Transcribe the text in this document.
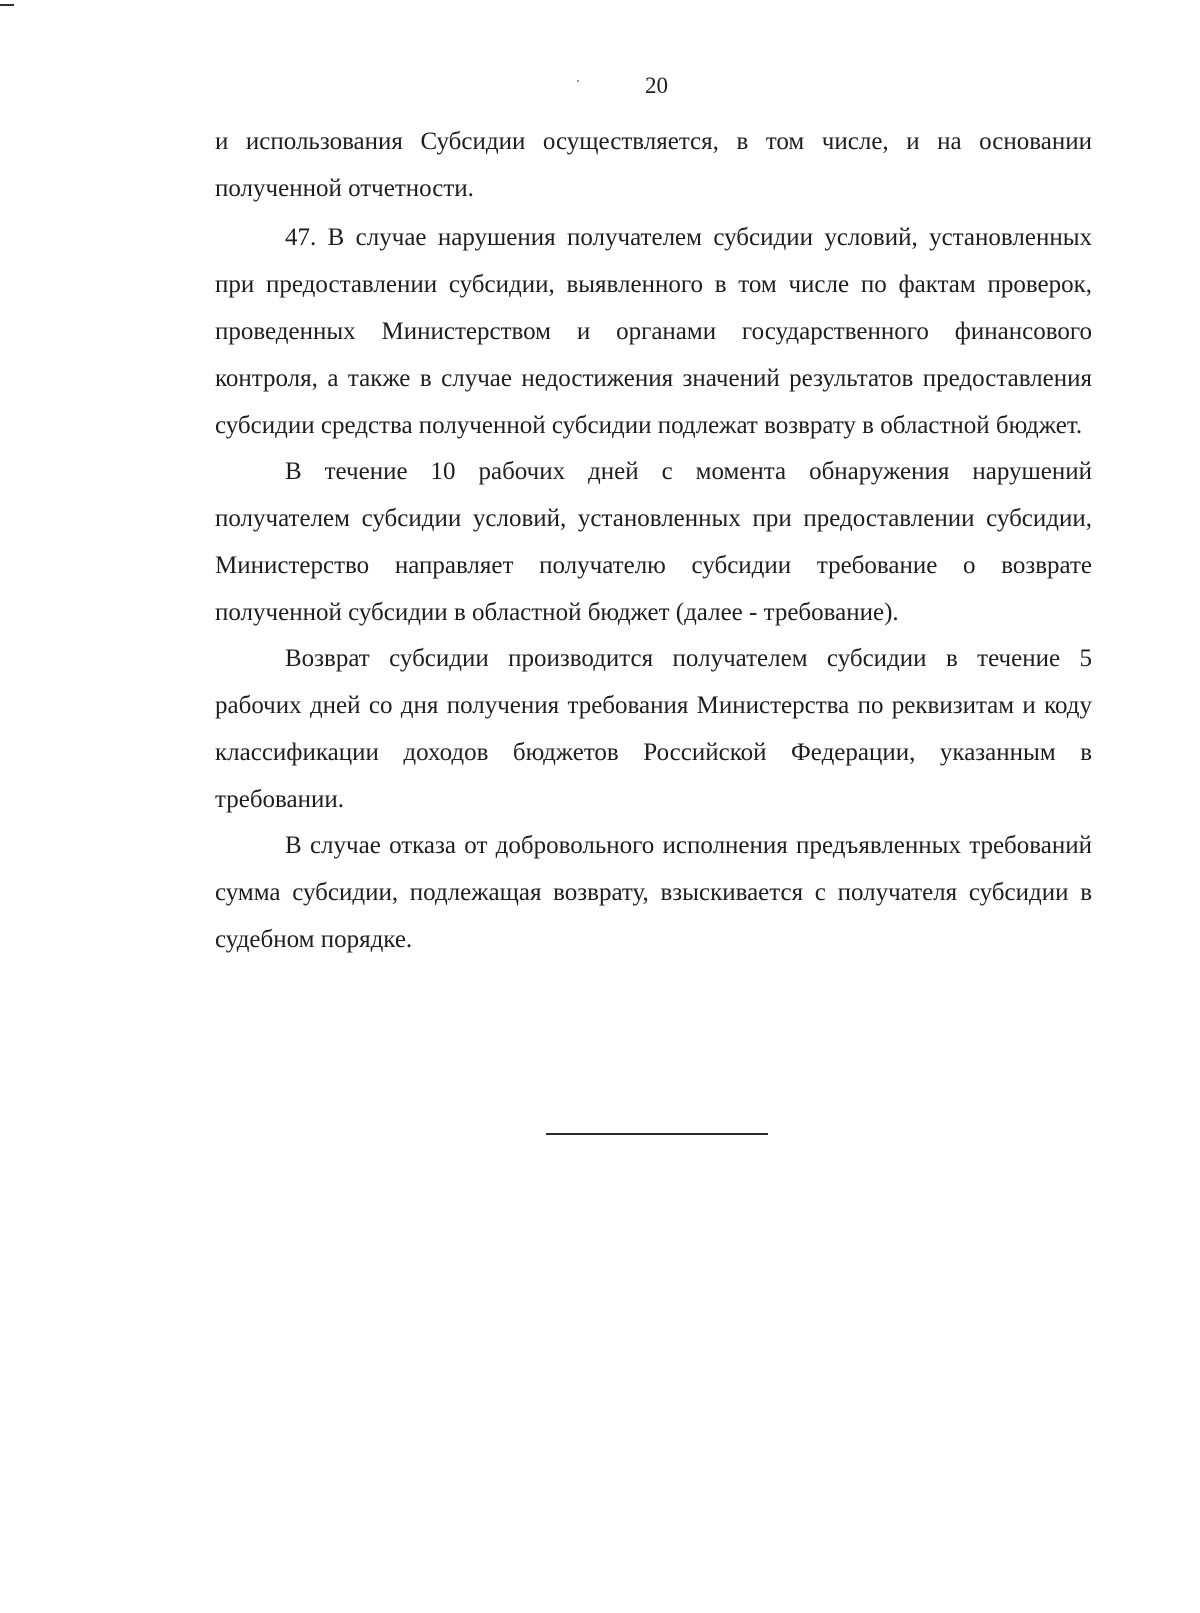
20

и использования Субсидии осуществляется, в том числе, и на основании полученной отчетности.

47. В случае нарушения получателем субсидии условий, установленных при предоставлении субсидии, выявленного в том числе по фактам проверок, проведенных Министерством и органами государственного финансового контроля, а также в случае недостижения значений результатов предоставления субсидии средства полученной субсидии подлежат возврату в областной бюджет.

В течение 10 рабочих дней с момента обнаружения нарушений получателем субсидии условий, установленных при предоставлении субсидии, Министерство направляет получателю субсидии требование о возврате полученной субсидии в областной бюджет (далее - требование).

Возврат субсидии производится получателем субсидии в течение 5 рабочих дней со дня получения требования Министерства по реквизитам и коду классификации доходов бюджетов Российской Федерации, указанным в требовании.

В случае отказа от добровольного исполнения предъявленных требований сумма субсидии, подлежащая возврату, взыскивается с получателя субсидии в судебном порядке.
